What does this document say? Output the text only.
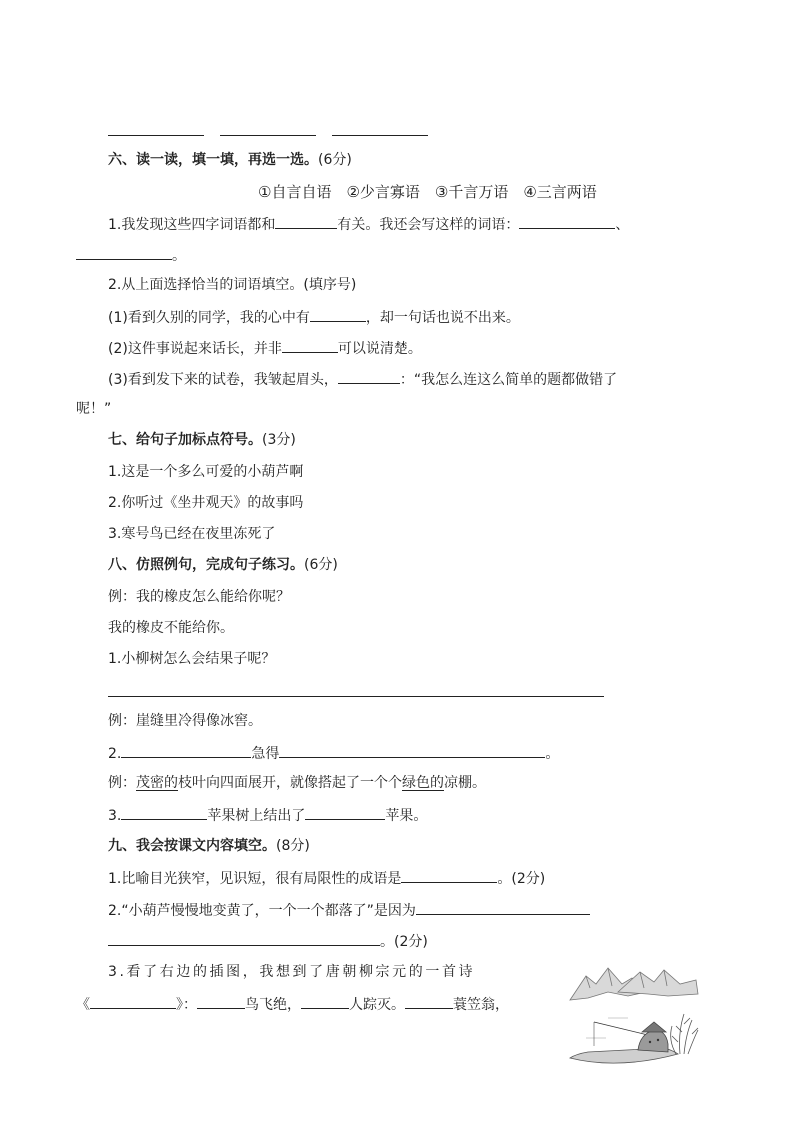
六、读一读，填一填，再选一选。(6分)
①自言自语　②少言寡语　③千言万语　④三言两语
1.我发现这些四字词语都和	有关。我还会写这样的词语：	、
。
2.从上面选择恰当的词语填空。(填序号)
(1)看到久别的同学，我的心中有	，却一句话也说不出来。
(2)这件事说起来话长，并非	可以说清楚。
(3)看到发下来的试卷，我皱起眉头，	：“我怎么连这么简单的题都做错了
呢！”
七、给句子加标点符号。(3分)
1.这是一个多么可爱的小葫芦啊
2.你听过《坐井观天》的故事吗
3.寒号鸟已经在夜里冻死了
八、仿照例句，完成句子练习。(6分)
例：我的橡皮怎么能给你呢？
我的橡皮不能给你。
1.小柳树怎么会结果子呢？
例：崖缝里冷得像冰窖。
2.	急得	。
例：茂密的枝叶向四面展开，就像搭起了一个个绿色的凉棚。
3.	苹果树上结出了	苹果。
九、我会按课文内容填空。(8分)
1.比喻目光狭窄，见识短，很有局限性的成语是	。(2分)
2.“小葫芦慢慢地变黄了，一个一个都落了”是因为
。(2分)
3.看了右边的插图，我想到了唐朝柳宗元的一首诗
《	》：	鸟飞绝，	人踪灭。	蓑笠翁，
